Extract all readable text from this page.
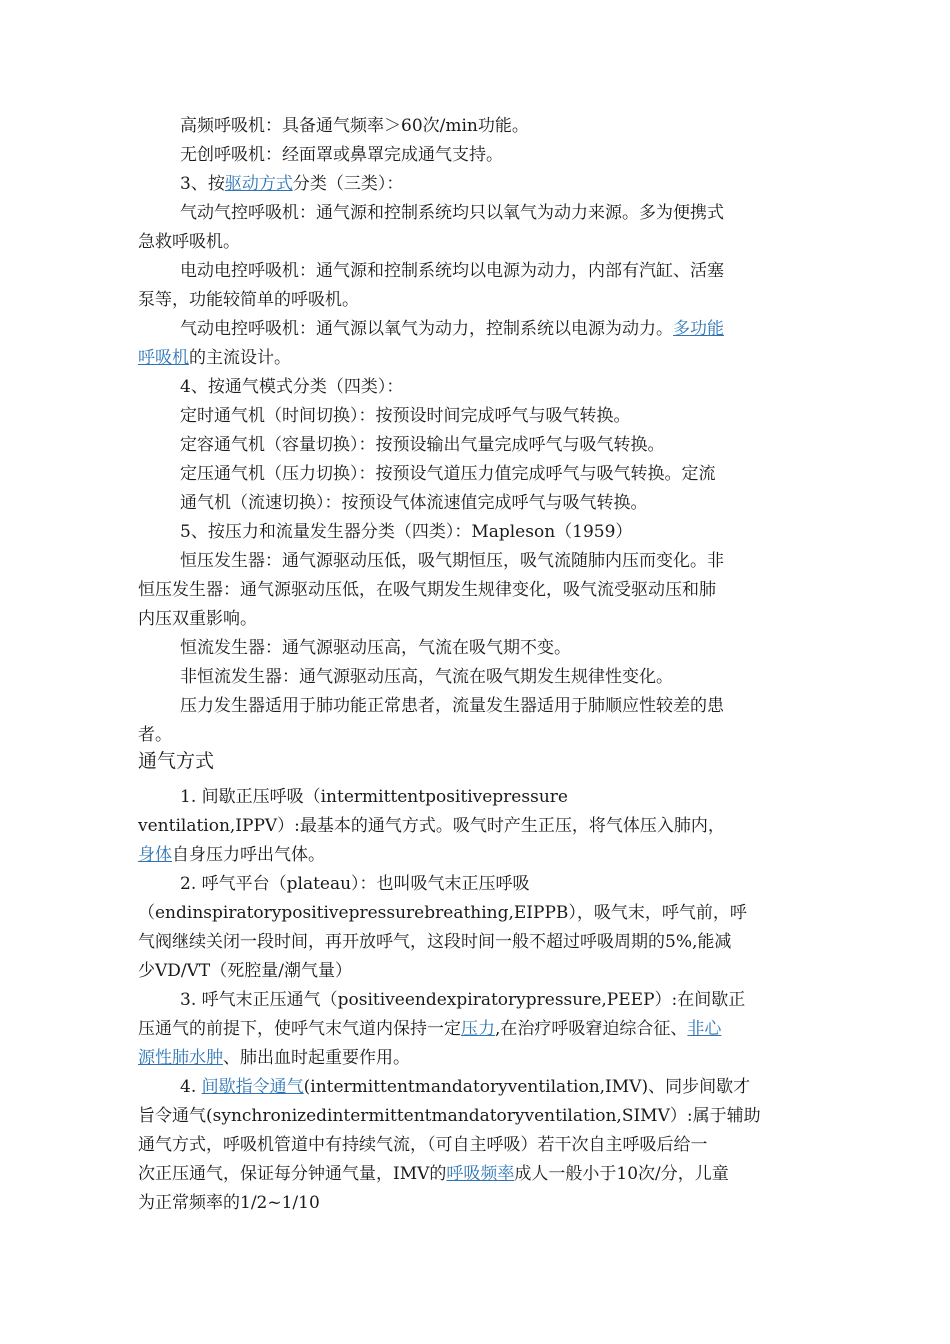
高频呼吸机：具备通气频率＞60次/min功能。

无创呼吸机：经面罩或鼻罩完成通气支持。

3、按驱动方式分类（三类）：

气动气控呼吸机：通气源和控制系统均只以氧气为动力来源。多为便携式

急救呼吸机。

电动电控呼吸机：通气源和控制系统均以电源为动力，内部有汽缸、活塞

泵等，功能较简单的呼吸机。

气动电控呼吸机：通气源以氧气为动力，控制系统以电源为动力。多功能

呼吸机的主流设计。

4、按通气模式分类（四类）：

定时通气机（时间切换）：按预设时间完成呼气与吸气转换。

定容通气机（容量切换）：按预设输出气量完成呼气与吸气转换。

定压通气机（压力切换）：按预设气道压力值完成呼气与吸气转换。定流

通气机（流速切换）：按预设气体流速值完成呼气与吸气转换。

5、按压力和流量发生器分类（四类）：Mapleson（1959）

恒压发生器：通气源驱动压低，吸气期恒压，吸气流随肺内压而变化。非

恒压发生器：通气源驱动压低，在吸气期发生规律变化，吸气流受驱动压和肺

内压双重影响。

恒流发生器：通气源驱动压高，气流在吸气期不变。

非恒流发生器：通气源驱动压高，气流在吸气期发生规律性变化。

压力发生器适用于肺功能正常患者，流量发生器适用于肺顺应性较差的患

者。

通气方式

1. 间歇正压呼吸（intermittentpositivepressure

ventilation,IPPV）:最基本的通气方式。吸气时产生正压，将气体压入肺内，

身体自身压力呼出气体。

2. 呼气平台（plateau）：也叫吸气末正压呼吸

（endinspiratorypositivepressurebreathing,EIPPB），吸气末，呼气前，呼

气阀继续关闭一段时间，再开放呼气，这段时间一般不超过呼吸周期的5%,能减

少VD/VT（死腔量/潮气量）

3. 呼气末正压通气（positiveendexpiratorypressure,PEEP）:在间歇正

压通气的前提下，使呼气末气道内保持一定压力,在治疗呼吸窘迫综合征、非心

源性肺水肿、肺出血时起重要作用。

4. 间歇指令通气(intermittentmandatoryventilation,IMV)、同步间歇才

旨令通气(synchronizedintermittentmandatoryventilation,SIMV）:属于辅助

通气方式，呼吸机管道中有持续气流，（可自主呼吸）若干次自主呼吸后给一

次正压通气，保证每分钟通气量，IMV的呼吸频率成人一般小于10次/分，儿童

为正常频率的1/2~1/10
